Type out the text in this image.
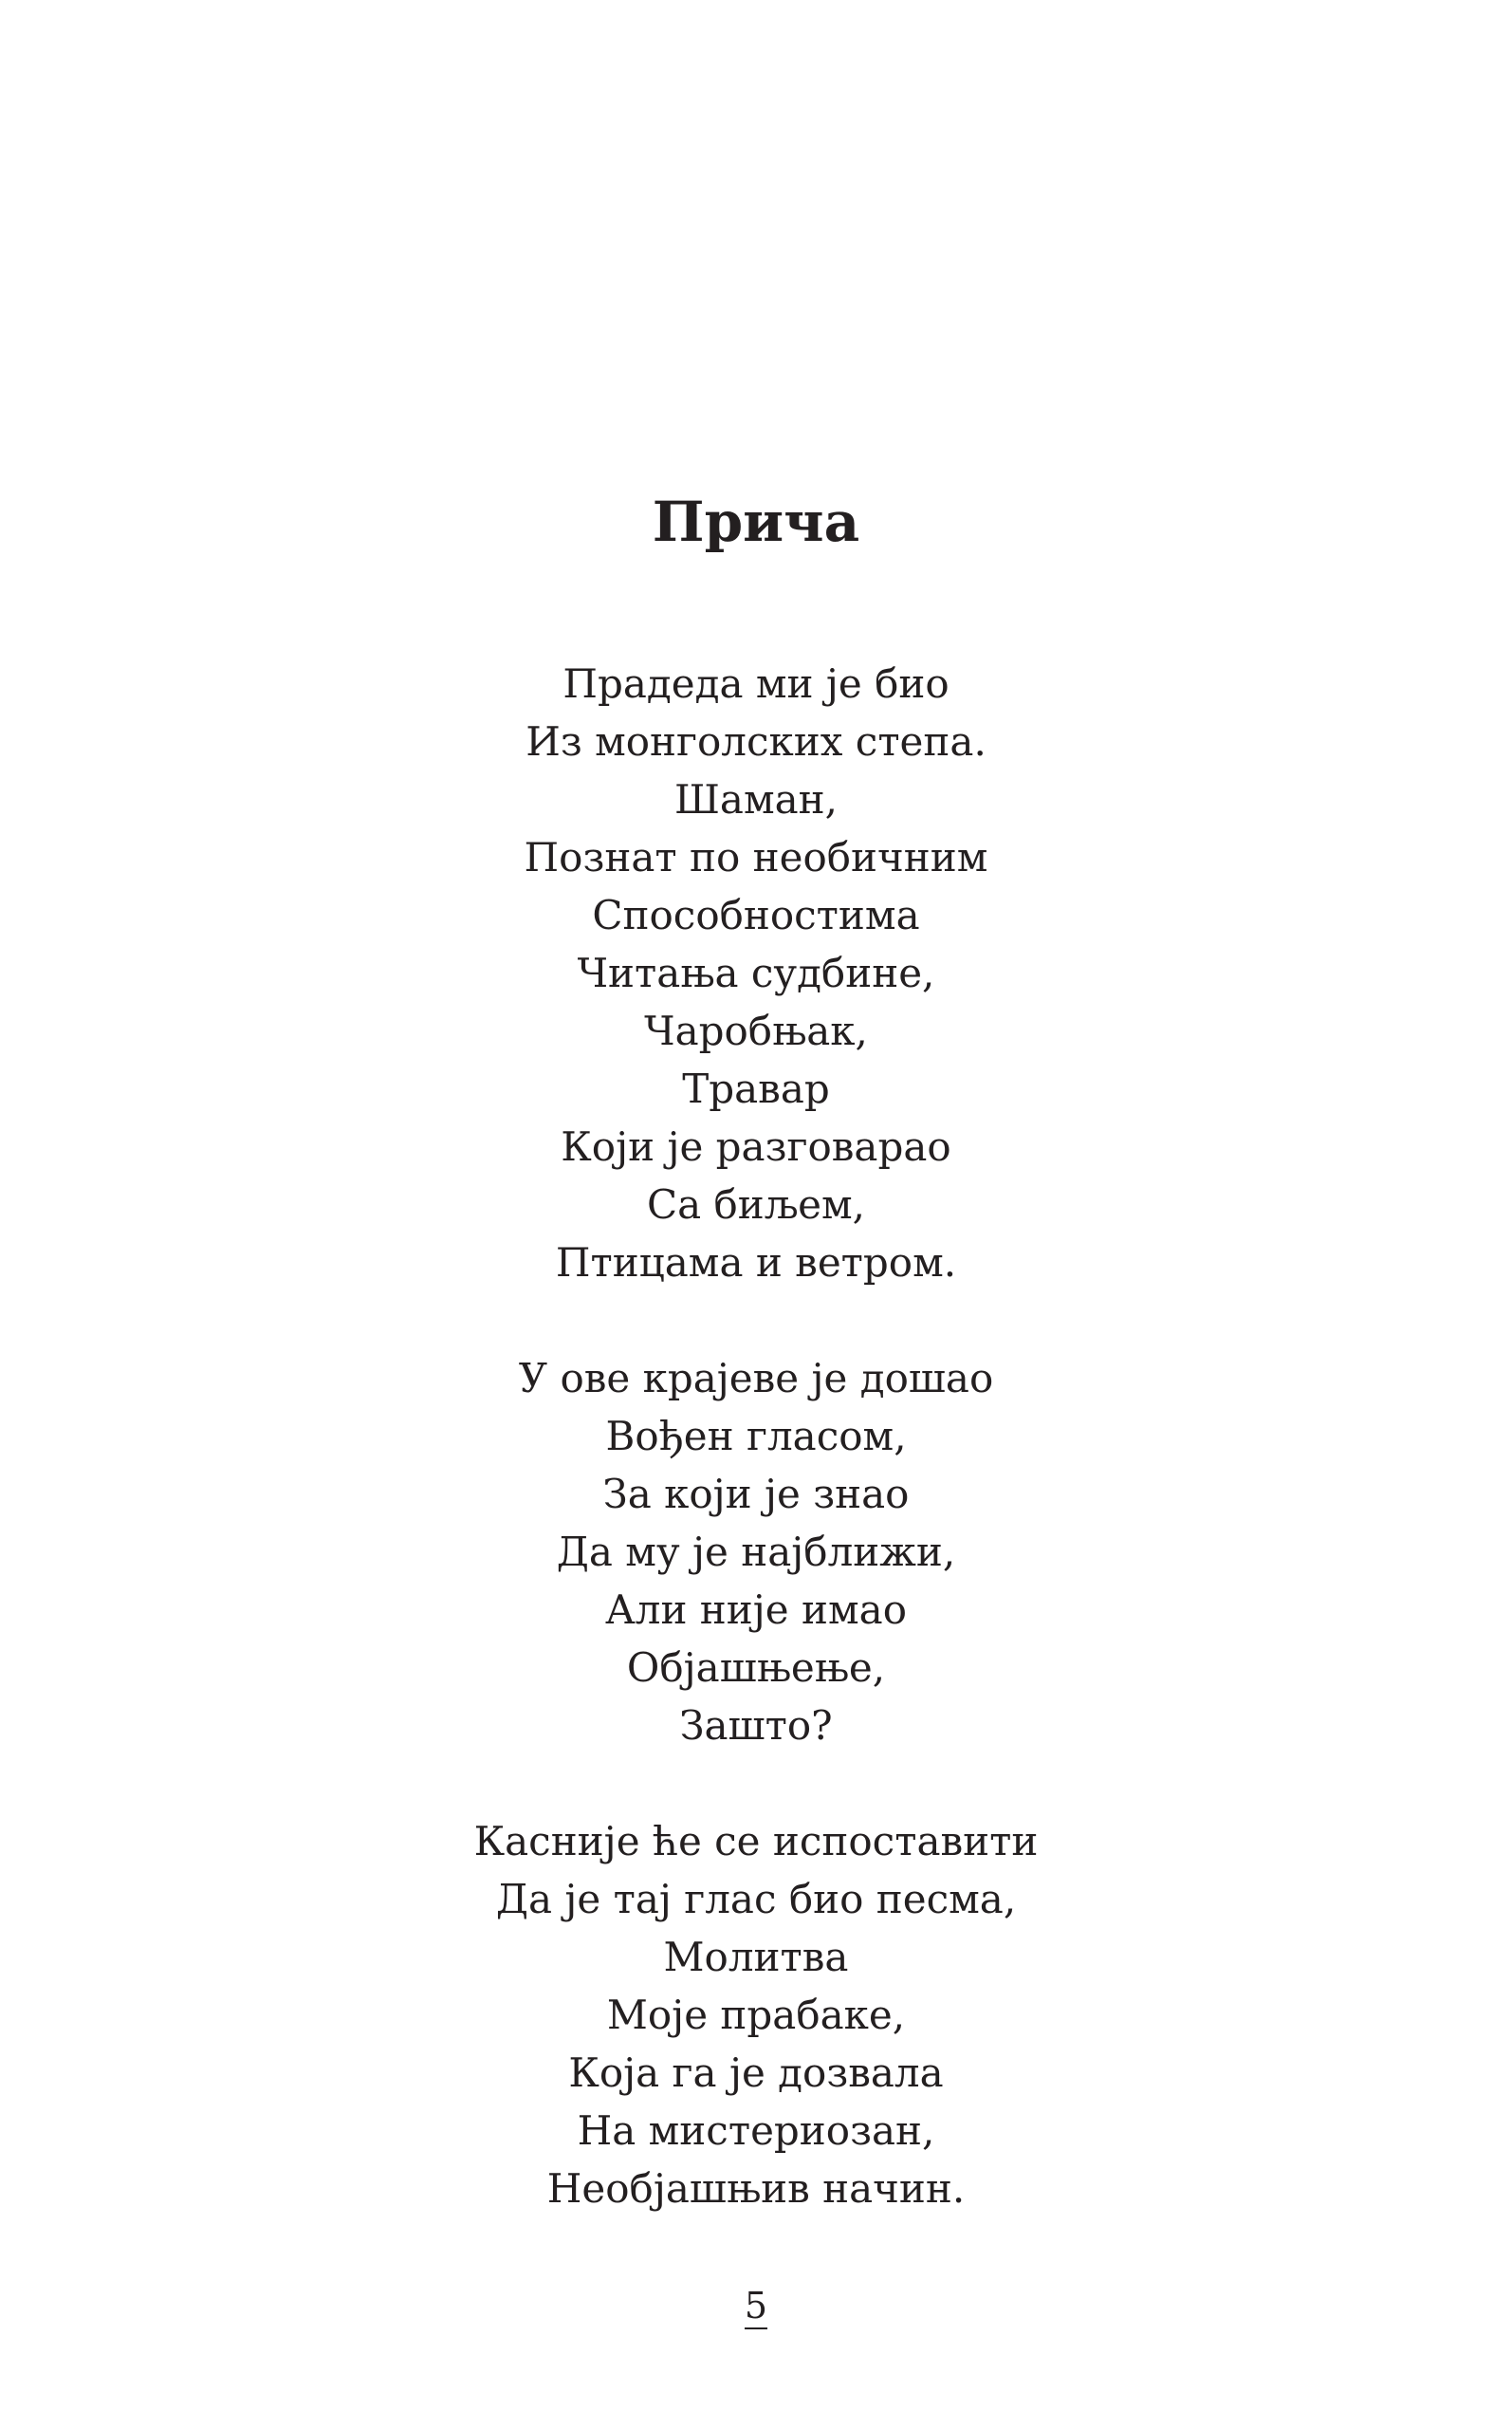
Прича
Прадеда ми је био
Из монголских степа.
Шаман,
Познат по необичним
Способностима
Читања судбине,
Чаробњак,
Травар
Који је разговарао
Са биљем,
Птицама и ветром.
У ове крајеве је дошао
Вођен гласом,
За који је знао
Да му је најближи,
Али није имао
Објашњење,
Зашто?
Касније ће се испоставити
Да је тај глас био песма,
Молитва
Моје прабаке,
Која га је дозвала
На мистериозан,
Необјашњив начин.
5
